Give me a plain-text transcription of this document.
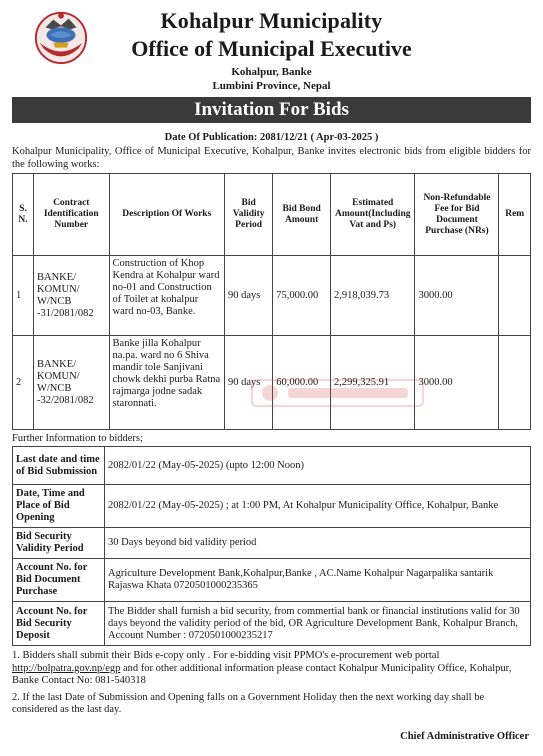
Kohalpur Municipality
Office of Municipal Executive
Kohalpur, Banke
Lumbini Province, Nepal
Invitation For Bids
Date Of Publication: 2081/12/21 ( Apr-03-2025 )
Kohalpur Municipality, Office of Municipal Executive, Kohalpur, Banke invites electronic bids from eligible bidders for the following works:
S. N.	Contract Identification Number	Description Of Works	Bid Validity Period	Bid Bond Amount	Estimated Amount(Including Vat and Ps)	Non-Refundable Fee for Bid Document Purchase (NRs)	Rem
1	BANKE/ KOMUN/ W/NCB -31/2081/082	Construction of Khop Kendra at Kohalpur ward no-01 and Construction of Toilet at kohalpur ward no-03, Banke.	90 days	75,000.00	2,918,039.73	3000.00	
2	BANKE/ KOMUN/ W/NCB -32/2081/082	Banke jilla Kohalpur na.pa. ward no 6 Shiva mandir tole Sanjivani chowk dekhi purba Ratna rajmarga jodne sadak staronnati.	90 days	60,000.00	2,299,325.91	3000.00	
Further Information to bidders;
Last date and time of Bid Submission	2082/01/22 (May-05-2025) (upto 12:00 Noon)
Date, Time and Place of Bid Opening	2082/01/22 (May-05-2025) ; at 1:00 PM, At Kohalpur Municipality Office, Kohalpur, Banke
Bid Security Validity Period	30 Days beyond bid validity period
Account No. for Bid Document Purchase	Agriculture Development Bank,Kohalpur,Banke , AC.Name Kohalpur Nagarpalika santarik Rajaswa Khata 0720501000235365
Account No. for Bid Security Deposit	The Bidder shall furnish a bid security, from commertial bank or financial institutions valid for 30 days beyond the validity period of the bid, OR Agriculture Development Bank, Kohalpur Branch, Account Number : 0720501000235217

1. Bidders shall submit their Bids e-copy only . For e-bidding visit PPMO's e-procurement web portal http://bolpatra.gov.np/egp and for other additional information please contact Kohalpur Municipality Office, Kohalpur, Banke Contact No: 081-540318

2. If the last Date of Submission and Opening falls on a Government Holiday then the next working day shall be considered as the last day.

Chief Administrative Officer
